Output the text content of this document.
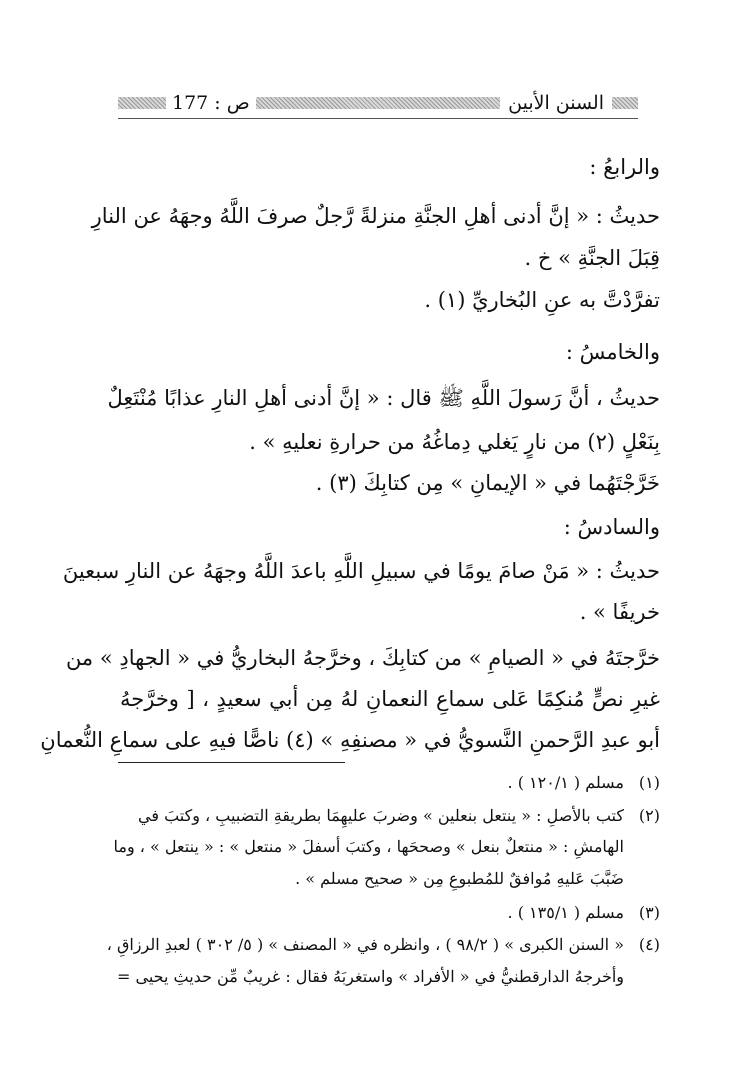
ص : 177	السنن الأبين
والرابعُ :
حديثُ : « إنَّ أدنى أهلِ الجنَّةِ منزلةً رَّجلٌ صرفَ اللَّهُ وجهَهُ عن النارِ
قِبَلَ الجنَّةِ » خ .
تفرَّدْتَّ به عنِ البُخاريِّ (١) .
والخامسُ :
حديثُ ، أنَّ رَسولَ اللَّهِ ﷺ قال : « إنَّ أدنى أهلِ النارِ عذابًا مُنْتَعِلٌ
بِنَعْلٍ (٢) من نارٍ يَغلي دِماغُهُ من حرارةِ نعليهِ » .
خَرَّجْتَهُما في « الإيمانِ » مِن كتابِكَ (٣) .
والسادسُ :
حديثُ : « مَنْ صامَ يومًا في سبيلِ اللَّهِ باعدَ اللَّهُ وجهَهُ عن النارِ سبعينَ
خريفًا » .
خرَّجتَهُ في « الصيامِ » من كتابِكَ ، وخرَّجهُ البخاريُّ في « الجهادِ » من
غيرِ نصٍّ مُنكِمًا عَلى سماعِ النعمانِ لهُ مِن أبي سعيدٍ ، [ وخرَّجهُ
أبو عبدِ الرَّحمنِ النَّسويُّ في « مصنفِهِ » (٤) ناصًّا فيهِ على سماعِ النُّعمانِ
(١)مسلم ( ١٢٠/١ ) .
(٢)كتب بالأصلِ : « ينتعل بنعلين » وضربَ عليهِمَا بطريقةِ التضبيبِ ، وكتبَ في
الهامشِ : « منتعلٌ بنعل » وصححَها ، وكتبَ أسفلَ « منتعل » : « ينتعل » ، وما
ضَبَّبَ عَليهِ مُوافقٌ للمُطبوعِ مِن « صحيح مسلم » .
(٣)مسلم ( ١٣٥/١ ) .
(٤)« السنن الكبرى » ( ٩٨/٢ ) ، وانظره في « المصنف » ( ٥/ ٣٠٢ ) لعبدِ الرزاقِ ،
وأخرجهُ الدارقطنيُّ في « الأفراد » واستغربَهُ فقال : غريبٌ مِّن حديثِ يحيى =
